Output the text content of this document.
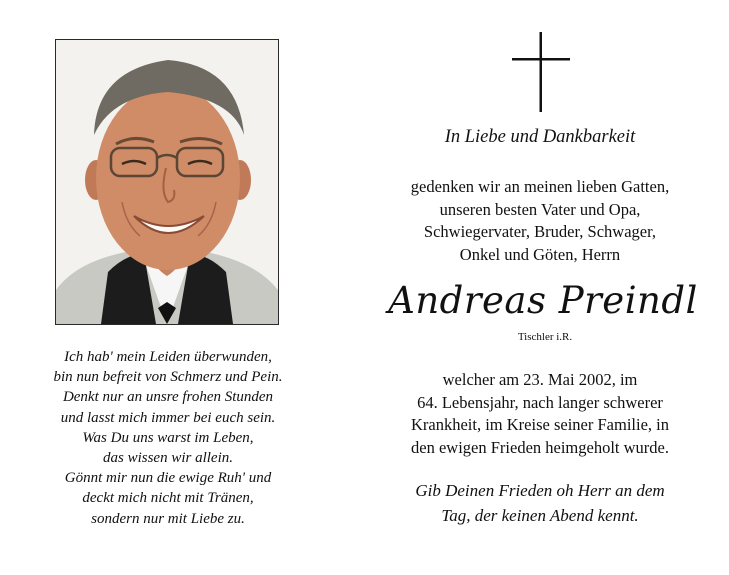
Ich hab' mein Leiden überwunden,
bin nun befreit von Schmerz und Pein.
Denkt nur an unsre frohen Stunden
und lasst mich immer bei euch sein.
Was Du uns warst im Leben,
das wissen wir allein.
Gönnt mir nun die ewige Ruh' und
deckt mich nicht mit Tränen,
sondern nur mit Liebe zu.
In Liebe und Dankbarkeit
gedenken wir an meinen lieben Gatten,
unseren besten Vater und Opa,
Schwiegervater, Bruder, Schwager,
Onkel und Göten, Herrn
Andreas Preindl
Tischler i.R.
welcher am 23. Mai 2002, im
64. Lebensjahr, nach langer schwerer
Krankheit, im Kreise seiner Familie, in
den ewigen Frieden heimgeholt wurde.
Gib Deinen Frieden oh Herr an dem
Tag, der keinen Abend kennt.
